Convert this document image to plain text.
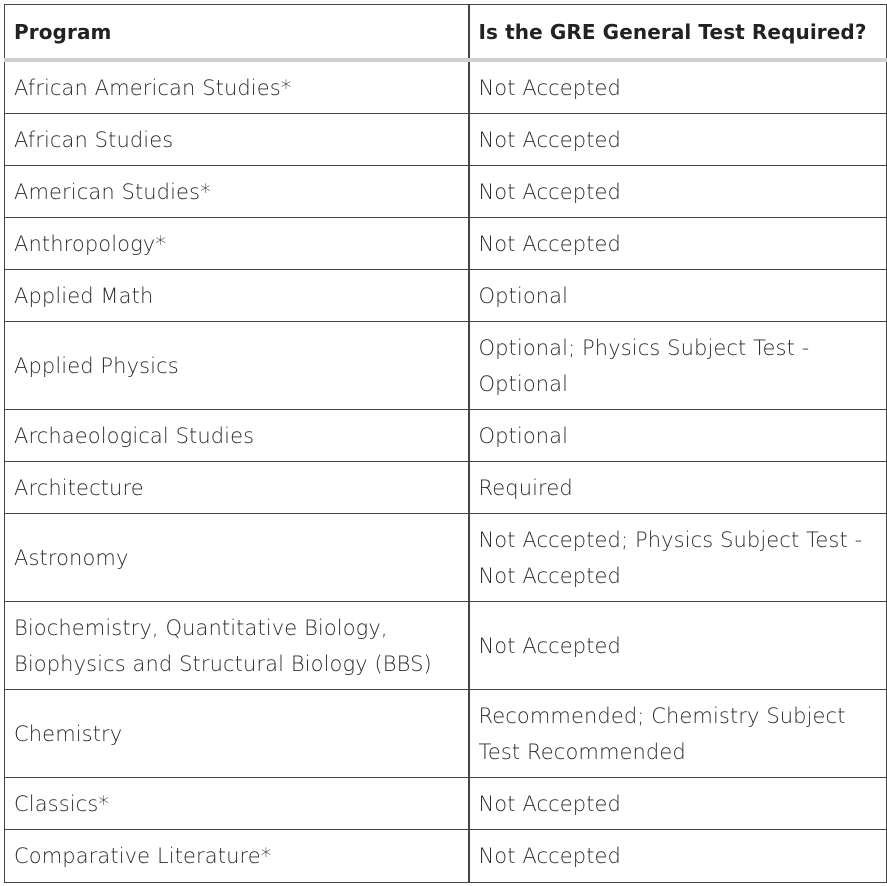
Program	Is the GRE General Test Required?
African American Studies*	Not Accepted
African Studies	Not Accepted
American Studies*	Not Accepted
Anthropology*	Not Accepted
Applied Math	Optional
Applied Physics	Optional; Physics Subject Test - Optional
Archaeological Studies	Optional
Architecture	Required
Astronomy	Not Accepted; Physics Subject Test - Not Accepted
Biochemistry, Quantitative Biology, Biophysics and Structural Biology (BBS)	Not Accepted
Chemistry	Recommended; Chemistry Subject Test Recommended
Classics*	Not Accepted
Comparative Literature*	Not Accepted
